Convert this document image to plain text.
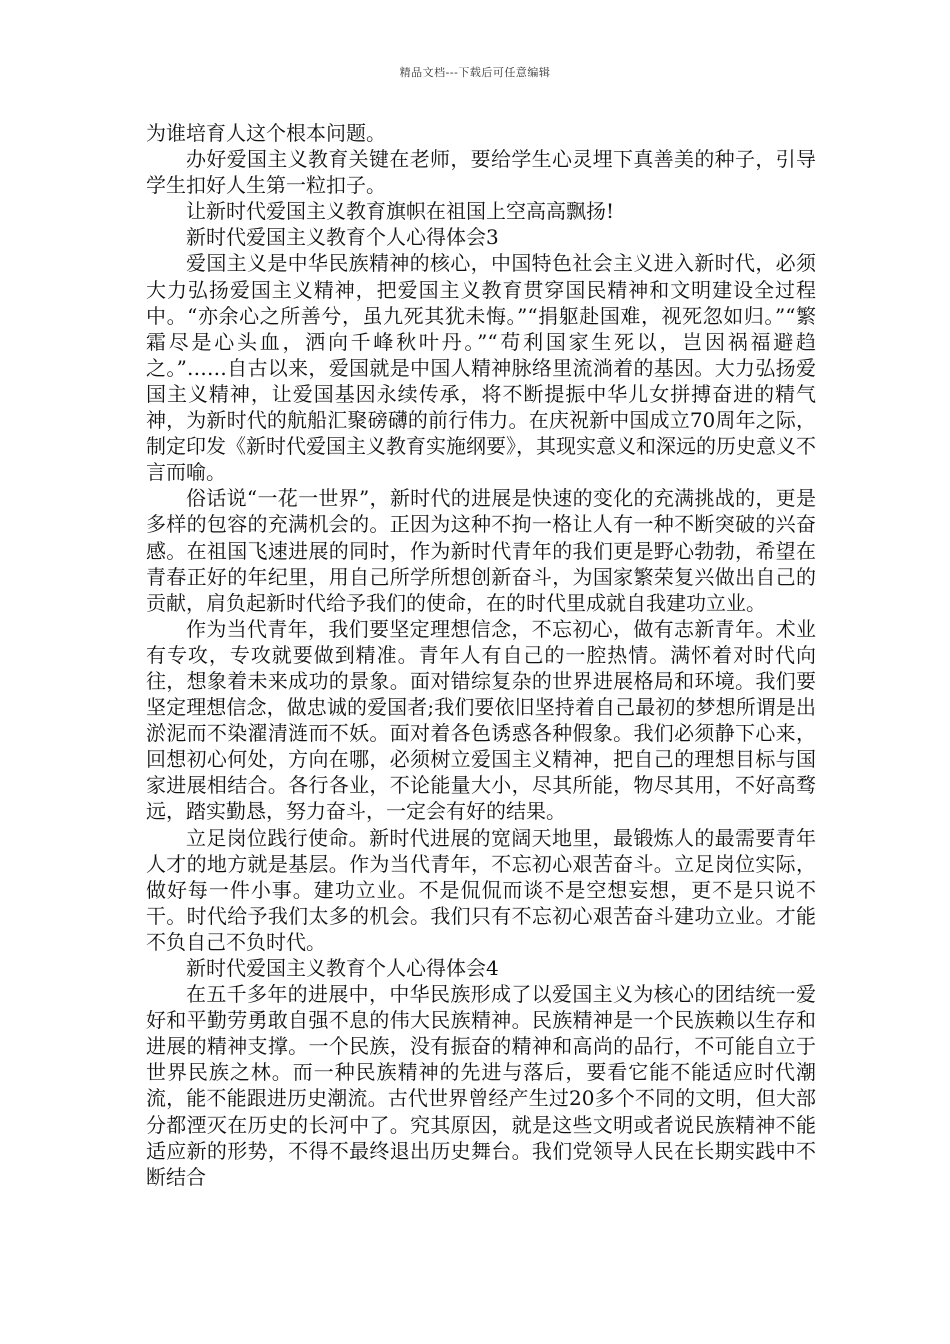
精品文档---下载后可任意编辑

为谁培育人这个根本问题。

办好爱国主义教育关键在老师，要给学生心灵埋下真善美的种子，引导学生扣好人生第一粒扣子。

让新时代爱国主义教育旗帜在祖国上空高高飘扬!

新时代爱国主义教育个人心得体会3

爱国主义是中华民族精神的核心，中国特色社会主义进入新时代，必须大力弘扬爱国主义精神，把爱国主义教育贯穿国民精神和文明建设全过程中。“亦余心之所善兮，虽九死其犹未悔。”“捐躯赴国难，视死忽如归。”“繁霜尽是心头血，洒向千峰秋叶丹。”“苟利国家生死以，岂因祸福避趋之。”……自古以来，爱国就是中国人精神脉络里流淌着的基因。大力弘扬爱国主义精神，让爱国基因永续传承，将不断提振中华儿女拼搏奋进的精气神，为新时代的航船汇聚磅礴的前行伟力。在庆祝新中国成立70周年之际，制定印发《新时代爱国主义教育实施纲要》，其现实意义和深远的历史意义不言而喻。

俗话说“一花一世界”，新时代的进展是快速的变化的充满挑战的，更是多样的包容的充满机会的。正因为这种不拘一格让人有一种不断突破的兴奋感。在祖国飞速进展的同时，作为新时代青年的我们更是野心勃勃，希望在青春正好的年纪里，用自己所学所想创新奋斗，为国家繁荣复兴做出自己的贡献，肩负起新时代给予我们的使命，在的时代里成就自我建功立业。

作为当代青年，我们要坚定理想信念，不忘初心，做有志新青年。术业有专攻，专攻就要做到精准。青年人有自己的一腔热情。满怀着对时代向往，想象着未来成功的景象。面对错综复杂的世界进展格局和环境。我们要坚定理想信念，做忠诚的爱国者;我们要依旧坚持着自己最初的梦想所谓是出淤泥而不染濯清涟而不妖。面对着各色诱惑各种假象。我们必须静下心来，回想初心何处，方向在哪，必须树立爱国主义精神，把自己的理想目标与国家进展相结合。各行各业，不论能量大小，尽其所能，物尽其用，不好高骛远，踏实勤恳，努力奋斗，一定会有好的结果。

立足岗位践行使命。新时代进展的宽阔天地里，最锻炼人的最需要青年人才的地方就是基层。作为当代青年，不忘初心艰苦奋斗。立足岗位实际，做好每一件小事。建功立业。不是侃侃而谈不是空想妄想，更不是只说不干。时代给予我们太多的机会。我们只有不忘初心艰苦奋斗建功立业。才能不负自己不负时代。

新时代爱国主义教育个人心得体会4

在五千多年的进展中，中华民族形成了以爱国主义为核心的团结统一爱好和平勤劳勇敢自强不息的伟大民族精神。民族精神是一个民族赖以生存和进展的精神支撑。一个民族，没有振奋的精神和高尚的品行，不可能自立于世界民族之林。而一种民族精神的先进与落后，要看它能不能适应时代潮流，能不能跟进历史潮流。古代世界曾经产生过20多个不同的文明，但大部分都湮灭在历史的长河中了。究其原因，就是这些文明或者说民族精神不能适应新的形势，不得不最终退出历史舞台。我们党领导人民在长期实践中不断结合
